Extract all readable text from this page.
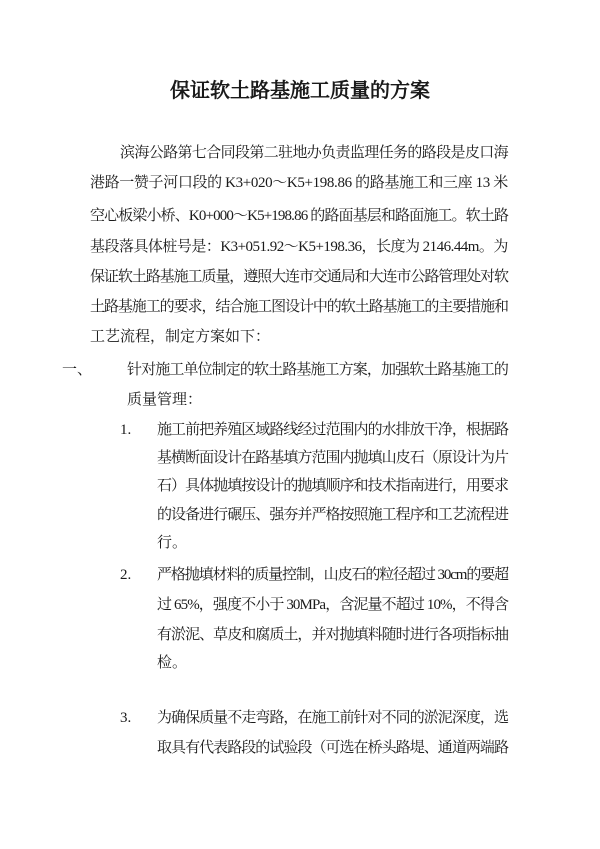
保证软土路基施工质量的方案
滨海公路第七合同段第二驻地办负责监理任务的路段是皮口海
港路一赞子河口段的 K3+020～K5+198.86 的路基施工和三座 13 米
空心板梁小桥、K0+000～K5+198.86 的路面基层和路面施工。软土路
基段落具体桩号是：K3+051.92～K5+198.36，长度为 2146.44m。为
保证软土路基施工质量，遵照大连市交通局和大连市公路管理处对软
土路基施工的要求，结合施工图设计中的软土路基施工的主要措施和
工艺流程，制定方案如下：
一、 针对施工单位制定的软土路基施工方案，加强软土路基施工的
质量管理：
1. 施工前把养殖区域路线经过范围内的水排放干净，根据路
基横断面设计在路基填方范围内抛填山皮石（原设计为片
石）具体抛填按设计的抛填顺序和技术指南进行，用要求
的设备进行碾压、强夯并严格按照施工程序和工艺流程进
行。
2. 严格抛填材料的质量控制，山皮石的粒径超过 30cm的要超
过 65%，强度不小于 30MPa，含泥量不超过 10%，不得含
有淤泥、草皮和腐质土，并对抛填料随时进行各项指标抽
检。
3. 为确保质量不走弯路，在施工前针对不同的淤泥深度，选
取具有代表路段的试验段（可选在桥头路堤、通道两端路
